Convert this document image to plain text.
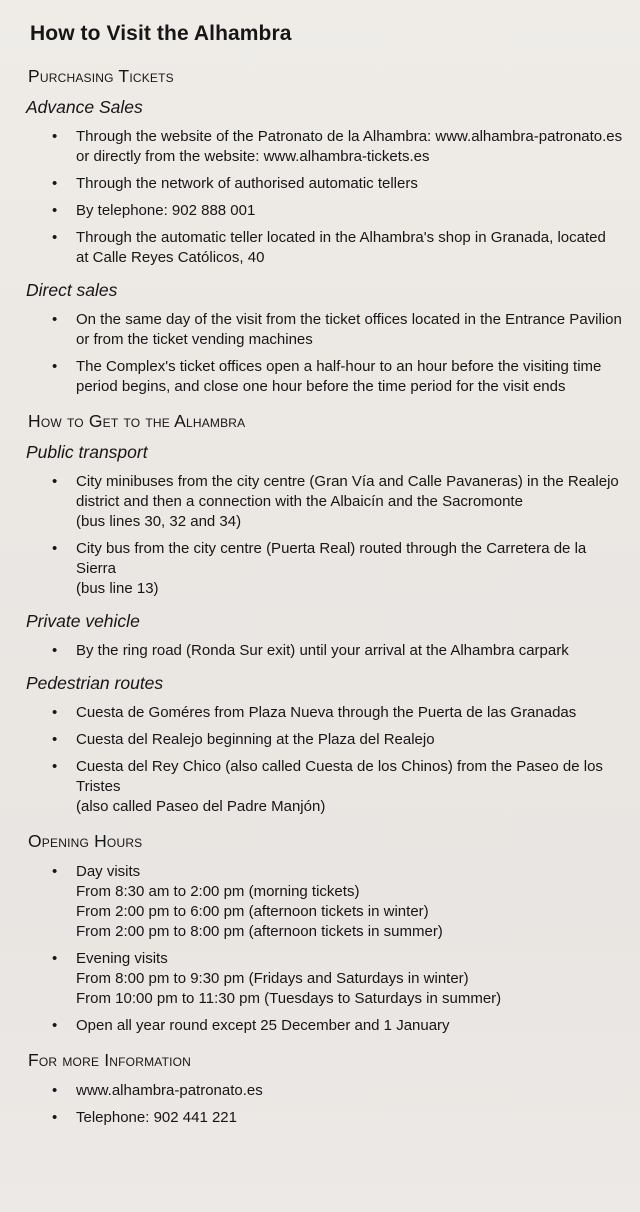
How to Visit the Alhambra
Purchasing Tickets
Advance Sales
• Through the website of the Patronato de la Alhambra: www.alhambra-patronato.es
or directly from the website: www.alhambra-tickets.es
• Through the network of authorised automatic tellers
• By telephone: 902 888 001
• Through the automatic teller located in the Alhambra's shop in Granada, located
at Calle Reyes Católicos, 40
Direct sales
• On the same day of the visit from the ticket offices located in the Entrance Pavilion
or from the ticket vending machines
• The Complex's ticket offices open a half-hour to an hour before the visiting time
period begins, and close one hour before the time period for the visit ends
How to Get to the Alhambra
Public transport
• City minibuses from the city centre (Gran Vía and Calle Pavaneras) in the Realejo
district and then a connection with the Albaicín and the Sacromonte
(bus lines 30, 32 and 34)
• City bus from the city centre (Puerta Real) routed through the Carretera de la Sierra
(bus line 13)
Private vehicle
• By the ring road (Ronda Sur exit) until your arrival at the Alhambra carpark
Pedestrian routes
• Cuesta de Goméres from Plaza Nueva through the Puerta de las Granadas
• Cuesta del Realejo beginning at the Plaza del Realejo
• Cuesta del Rey Chico (also called Cuesta de los Chinos) from the Paseo de los Tristes
(also called Paseo del Padre Manjón)
Opening Hours
• Day visits
From 8:30 am to 2:00 pm (morning tickets)
From 2:00 pm to 6:00 pm (afternoon tickets in winter)
From 2:00 pm to 8:00 pm (afternoon tickets in summer)
• Evening visits
From 8:00 pm to 9:30 pm (Fridays and Saturdays in winter)
From 10:00 pm to 11:30 pm (Tuesdays to Saturdays in summer)
• Open all year round except 25 December and 1 January
For more Information
• www.alhambra-patronato.es
• Telephone: 902 441 221
